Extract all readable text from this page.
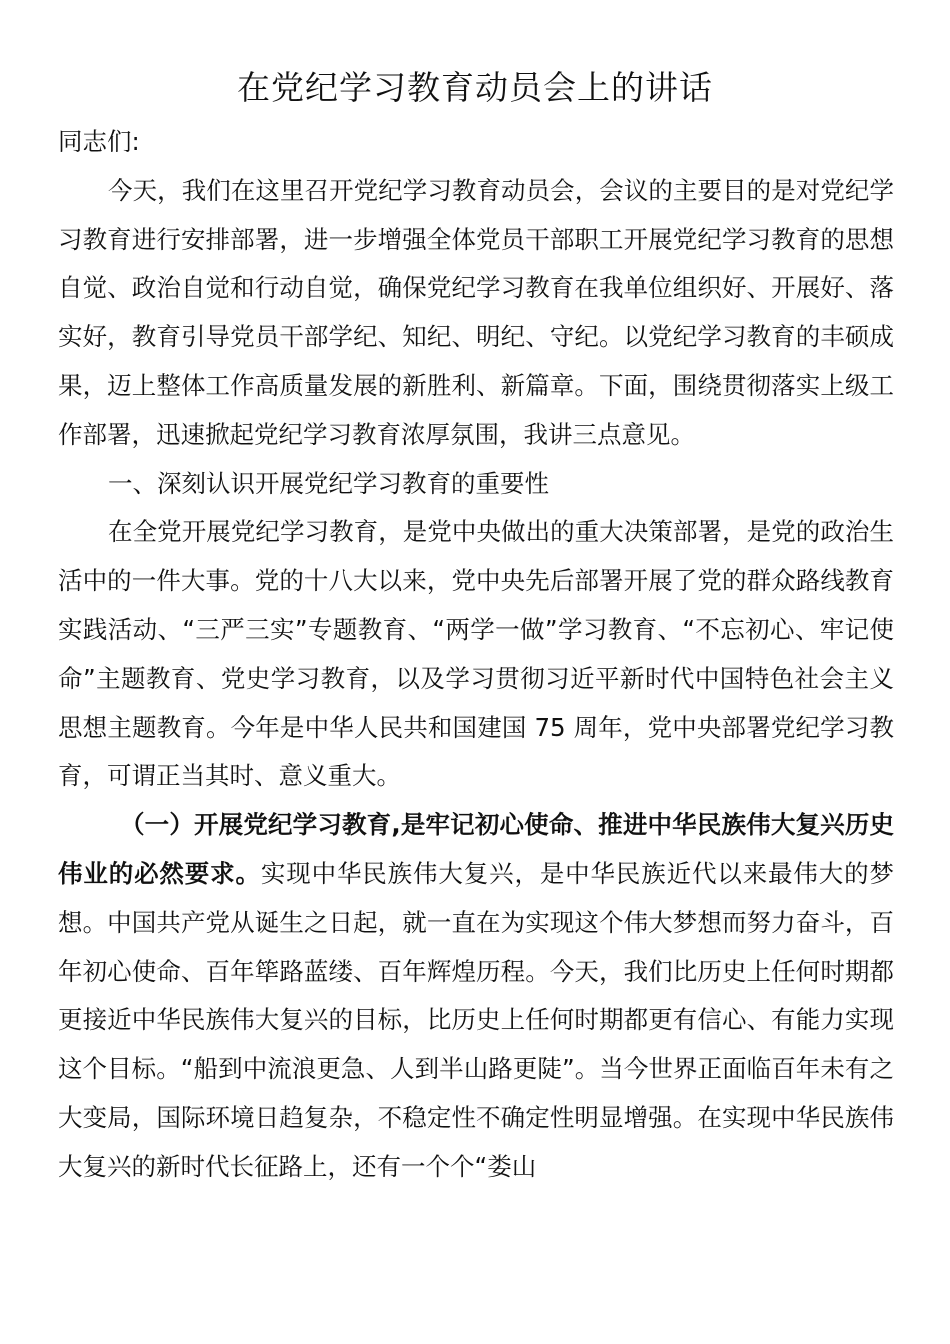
在党纪学习教育动员会上的讲话

同志们:

今天，我们在这里召开党纪学习教育动员会，会议的主要目的是对党纪学习教育进行安排部署，进一步增强全体党员干部职工开展党纪学习教育的思想自觉、政治自觉和行动自觉，确保党纪学习教育在我单位组织好、开展好、落实好，教育引导党员干部学纪、知纪、明纪、守纪。以党纪学习教育的丰硕成果，迈上整体工作高质量发展的新胜利、新篇章。下面，围绕贯彻落实上级工作部署，迅速掀起党纪学习教育浓厚氛围，我讲三点意见。

一、深刻认识开展党纪学习教育的重要性

在全党开展党纪学习教育，是党中央做出的重大决策部署，是党的政治生活中的一件大事。党的十八大以来，党中央先后部署开展了党的群众路线教育实践活动、“三严三实”专题教育、“两学一做”学习教育、“不忘初心、牢记使命”主题教育、党史学习教育，以及学习贯彻习近平新时代中国特色社会主义思想主题教育。今年是中华人民共和国建国 75 周年，党中央部署党纪学习教育，可谓正当其时、意义重大。

（一）开展党纪学习教育,是牢记初心使命、推进中华民族伟大复兴历史伟业的必然要求。实现中华民族伟大复兴，是中华民族近代以来最伟大的梦想。中国共产党从诞生之日起，就一直在为实现这个伟大梦想而努力奋斗，百年初心使命、百年筚路蓝缕、百年辉煌历程。今天，我们比历史上任何时期都更接近中华民族伟大复兴的目标，比历史上任何时期都更有信心、有能力实现这个目标。“船到中流浪更急、人到半山路更陡”。当今世界正面临百年未有之大变局，国际环境日趋复杂，不稳定性不确定性明显增强。在实现中华民族伟大复兴的新时代长征路上，还有一个个“娄山
